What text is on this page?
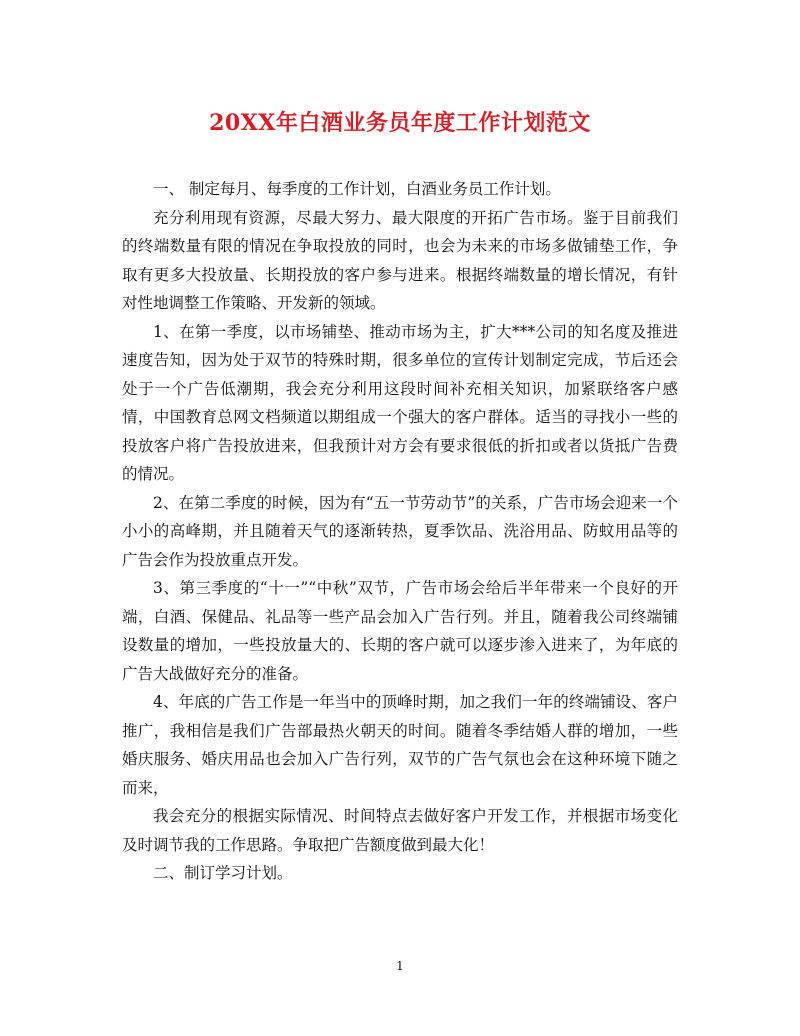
20XX年白酒业务员年度工作计划范文

一、 制定每月、每季度的工作计划，白酒业务员工作计划。

充分利用现有资源，尽最大努力、最大限度的开拓广告市场。鉴于目前我们的终端数量有限的情况在争取投放的同时，也会为未来的市场多做铺垫工作，争取有更多大投放量、长期投放的客户参与进来。根据终端数量的增长情况，有针对性地调整工作策略、开发新的领域。

1、在第一季度，以市场铺垫、推动市场为主，扩大***公司的知名度及推进速度告知，因为处于双节的特殊时期，很多单位的宣传计划制定完成，节后还会处于一个广告低潮期，我会充分利用这段时间补充相关知识，加紧联络客户感情，中国教育总网文档频道以期组成一个强大的客户群体。适当的寻找小一些的投放客户将广告投放进来，但我预计对方会有要求很低的折扣或者以货抵广告费的情况。

2、在第二季度的时候，因为有“五一节劳动节”的关系，广告市场会迎来一个小小的高峰期，并且随着天气的逐渐转热，夏季饮品、洗浴用品、防蚊用品等的广告会作为投放重点开发。

3、第三季度的“十一”“中秋”双节，广告市场会给后半年带来一个良好的开端，白酒、保健品、礼品等一些产品会加入广告行列。并且，随着我公司终端铺设数量的增加，一些投放量大的、长期的客户就可以逐步渗入进来了，为年底的广告大战做好充分的准备。

4、年底的广告工作是一年当中的顶峰时期，加之我们一年的终端铺设、客户推广，我相信是我们广告部最热火朝天的时间。随着冬季结婚人群的增加，一些婚庆服务、婚庆用品也会加入广告行列，双节的广告气氛也会在这种环境下随之而来，

我会充分的根据实际情况、时间特点去做好客户开发工作，并根据市场变化及时调节我的工作思路。争取把广告额度做到最大化！

二、制订学习计划。

1
